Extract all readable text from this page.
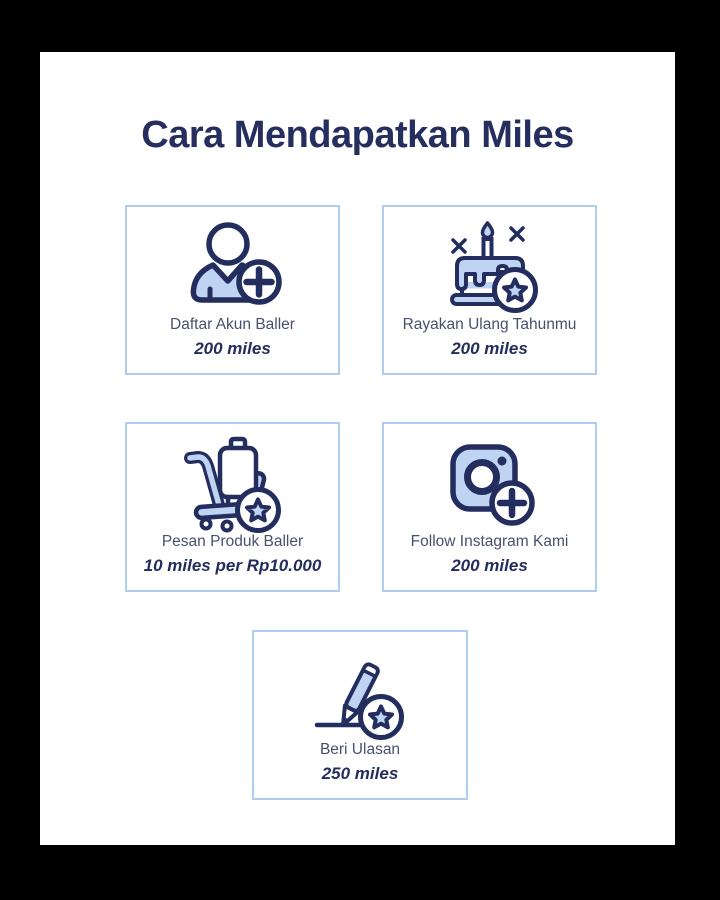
Cara Mendapatkan Miles
Daftar Akun Baller
200 miles
Rayakan Ulang Tahunmu
200 miles
Pesan Produk Baller
10 miles per Rp10.000
Follow Instagram Kami
200 miles
Beri Ulasan
250 miles
